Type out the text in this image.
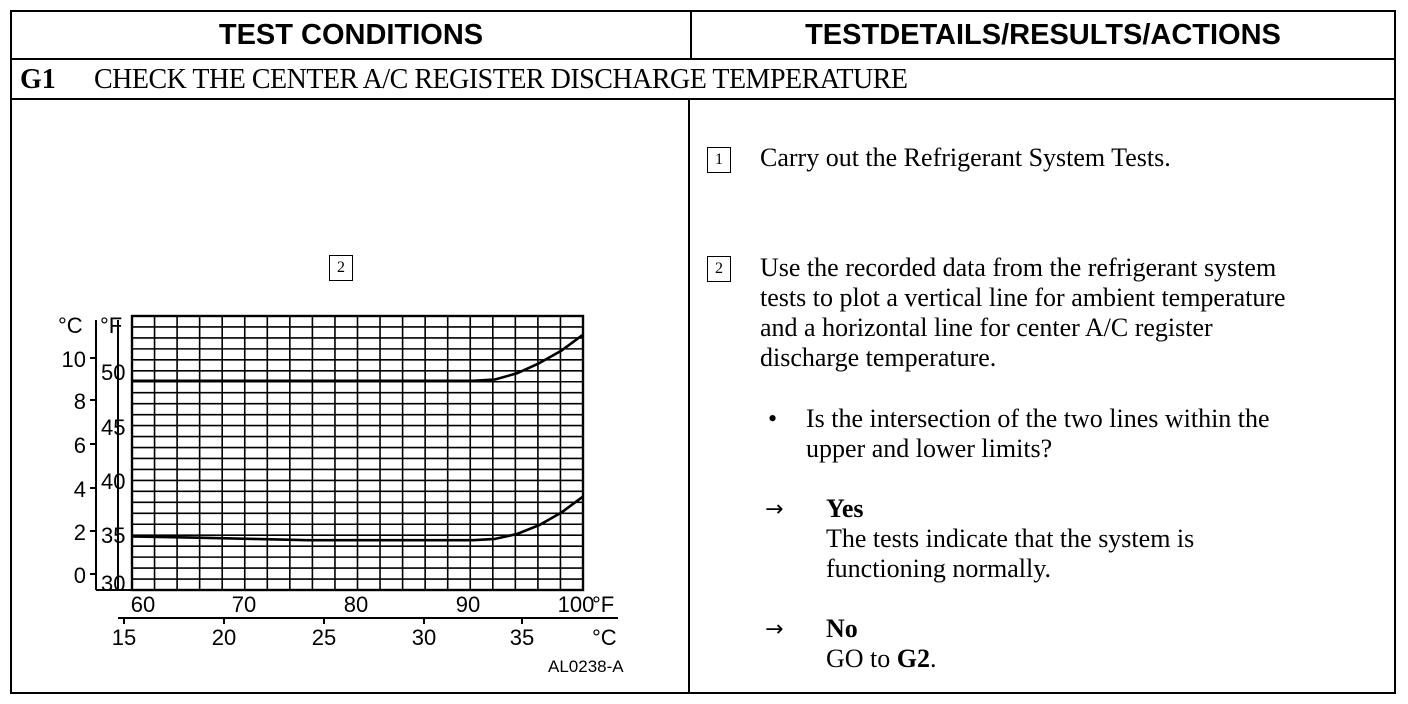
TEST CONDITIONS	TESTDETAILS/RESULTS/ACTIONS
G1	CHECK THE CENTER A/C REGISTER DISCHARGE TEMPERATURE
10
8
6
4
2
0
50
45
40
35
30
°C °F
60	70	80	90	100
°F
15	20	25	30	35	°C
AL0238-A
2
1	Carry out the Refrigerant System Tests.
2	Use the recorded data from the refrigerant system
tests to plot a vertical line for ambient temperature
and a horizontal line for center A/C register
discharge temperature.
• Is the intersection of the two lines within the
upper and lower limits?
→ Yes
The tests indicate that the system is
functioning normally.
→ No
GO to G2.
